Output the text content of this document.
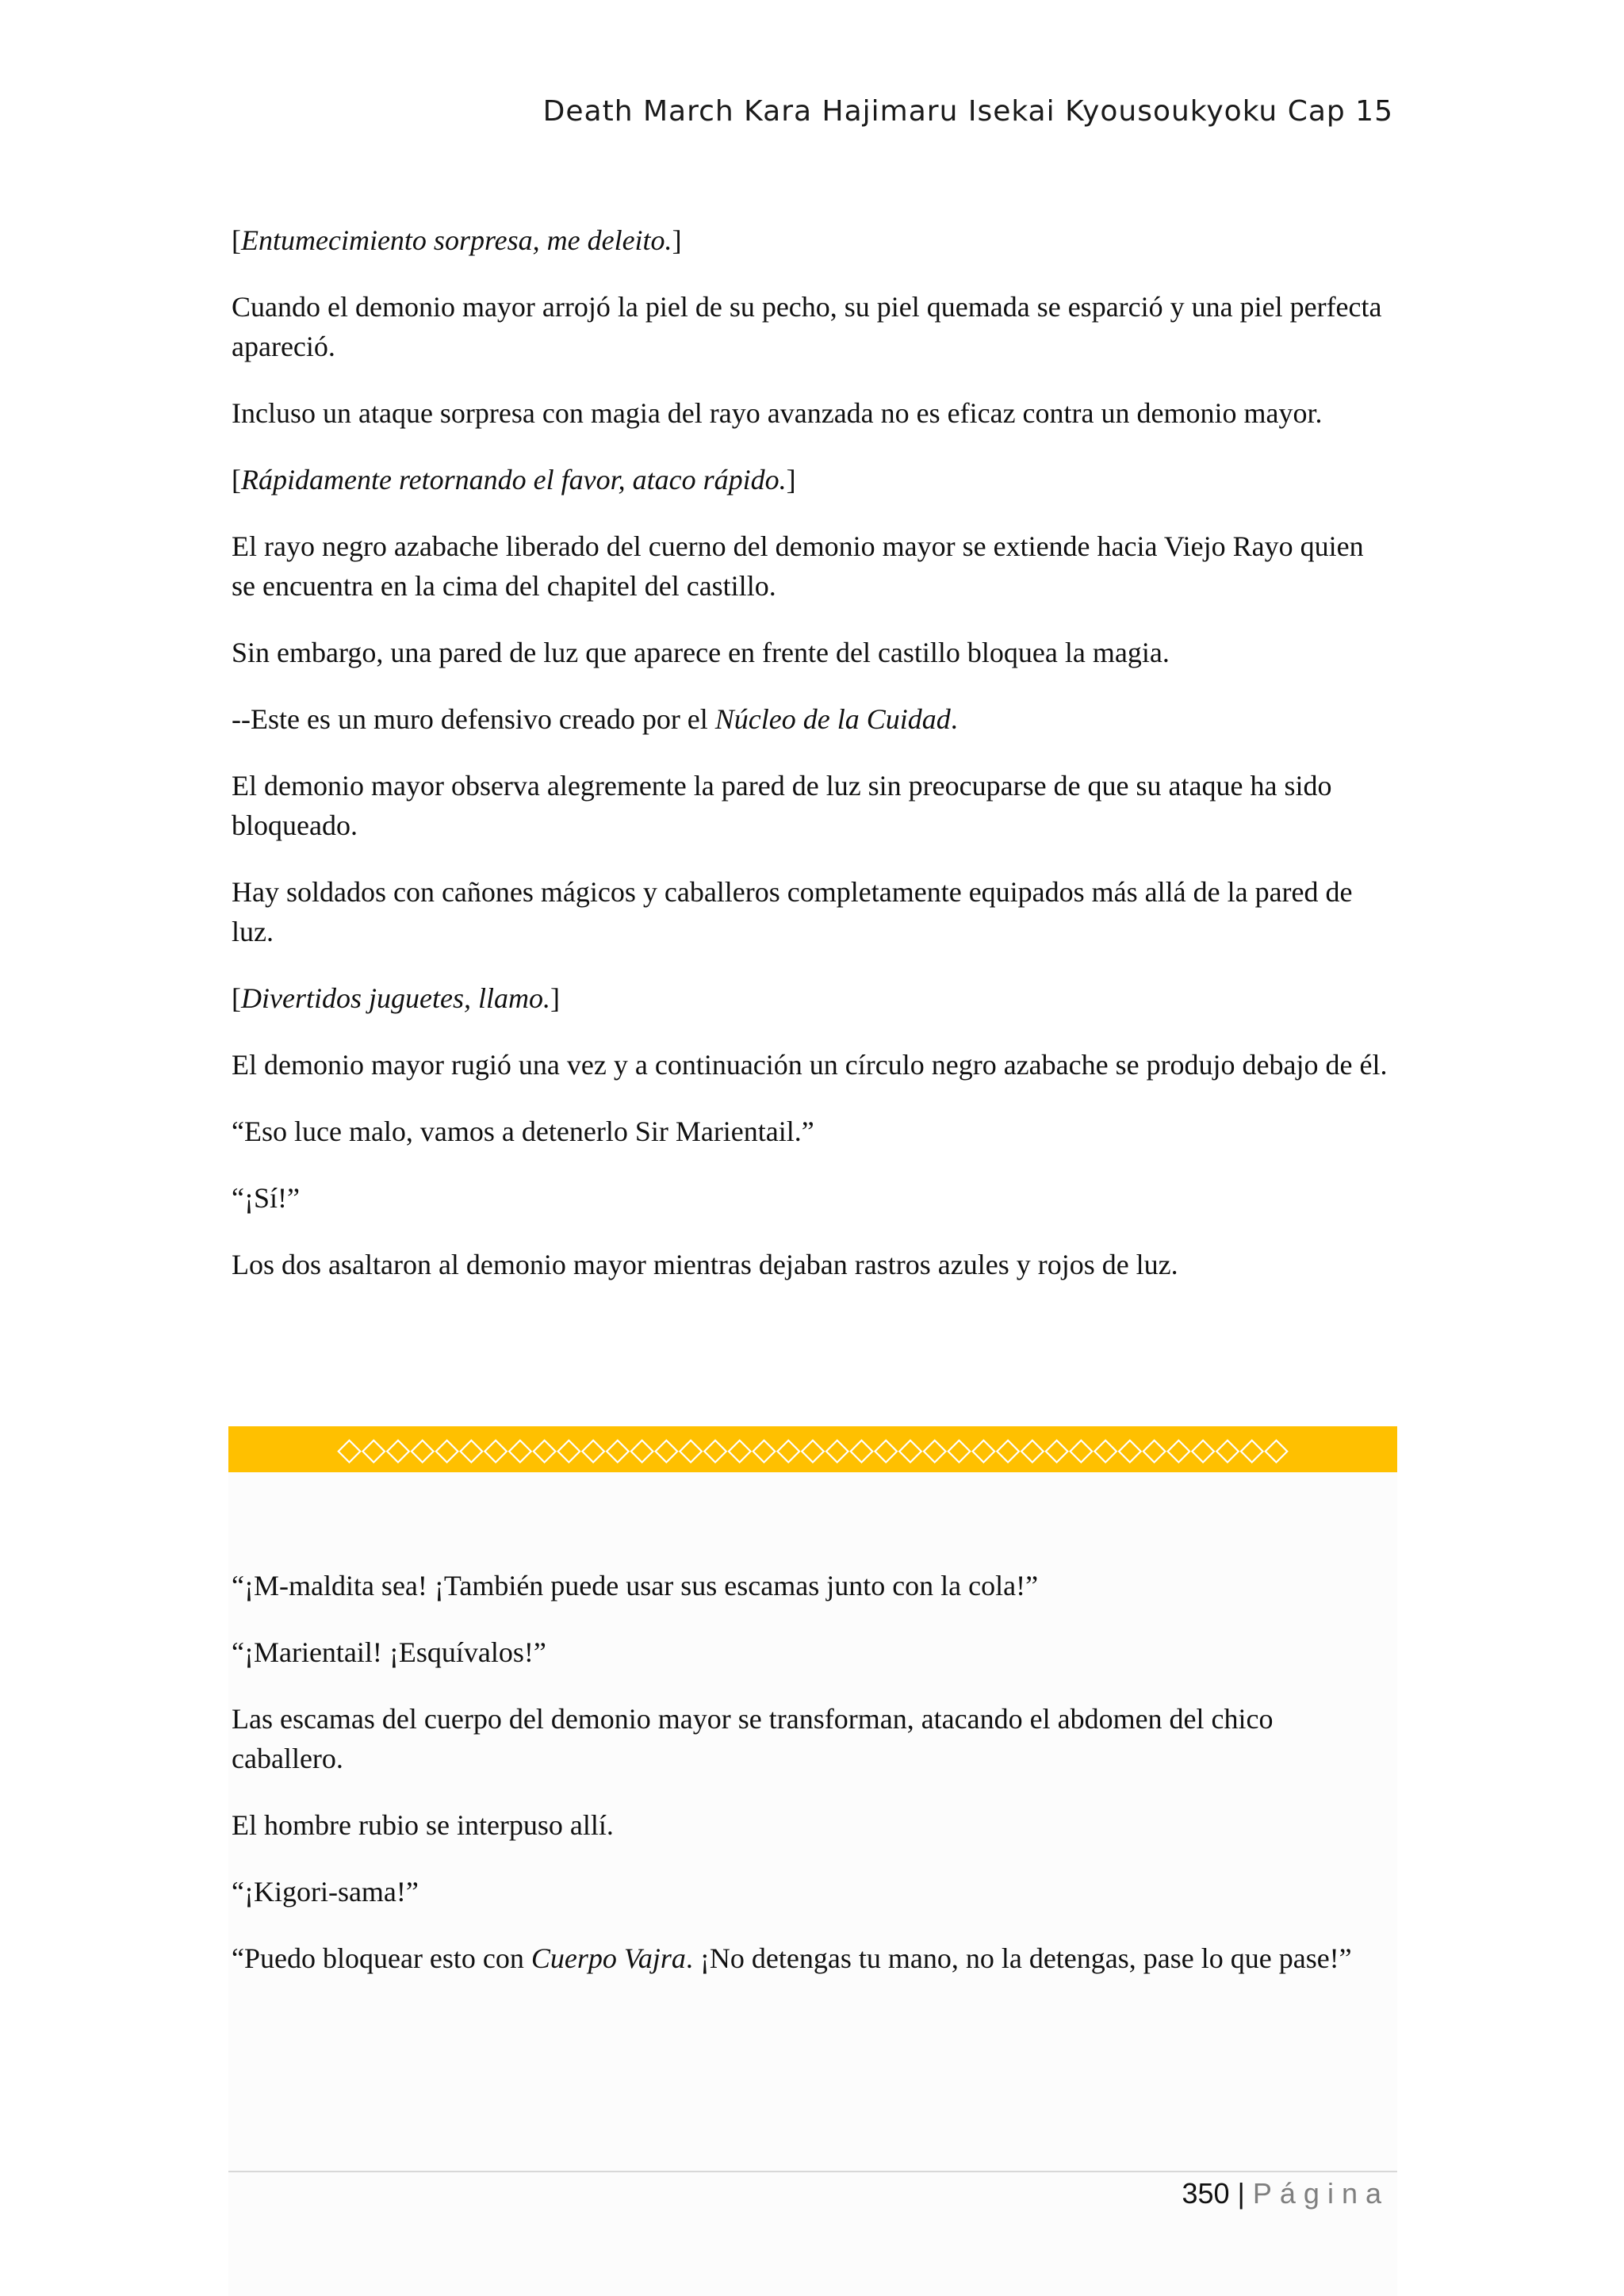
Death March Kara Hajimaru Isekai Kyousoukyoku Cap 15

[Entumecimiento sorpresa, me deleito.]

Cuando el demonio mayor arrojó la piel de su pecho, su piel quemada se esparció y una piel perfecta apareció.

Incluso un ataque sorpresa con magia del rayo avanzada no es eficaz contra un demonio mayor.

[Rápidamente retornando el favor, ataco rápido.]

El rayo negro azabache liberado del cuerno del demonio mayor se extiende hacia Viejo Rayo quien se encuentra en la cima del chapitel del castillo.

Sin embargo, una pared de luz que aparece en frente del castillo bloquea la magia.

--Este es un muro defensivo creado por el Núcleo de la Cuidad.

El demonio mayor observa alegremente la pared de luz sin preocuparse de que su ataque ha sido bloqueado.

Hay soldados con cañones mágicos y caballeros completamente equipados más allá de la pared de luz.

[Divertidos juguetes, llamo.]

El demonio mayor rugió una vez y a continuación un círculo negro azabache se produjo debajo de él.

“Eso luce malo, vamos a detenerlo Sir Marientail.”

“¡Sí!”

Los dos asaltaron al demonio mayor mientras dejaban rastros azules y rojos de luz.

◇◇◇◇◇◇◇◇◇◇◇◇◇◇◇◇◇◇◇◇◇◇◇◇◇◇◇◇◇◇◇◇◇◇◇◇◇◇◇

“¡M-maldita sea! ¡También puede usar sus escamas junto con la cola!”

“¡Marientail! ¡Esquívalos!”

Las escamas del cuerpo del demonio mayor se transforman, atacando el abdomen del chico caballero.

El hombre rubio se interpuso allí.

“¡Kigori-sama!”

“Puedo bloquear esto con Cuerpo Vajra. ¡No detengas tu mano, no la detengas, pase lo que pase!”

350 | Página
